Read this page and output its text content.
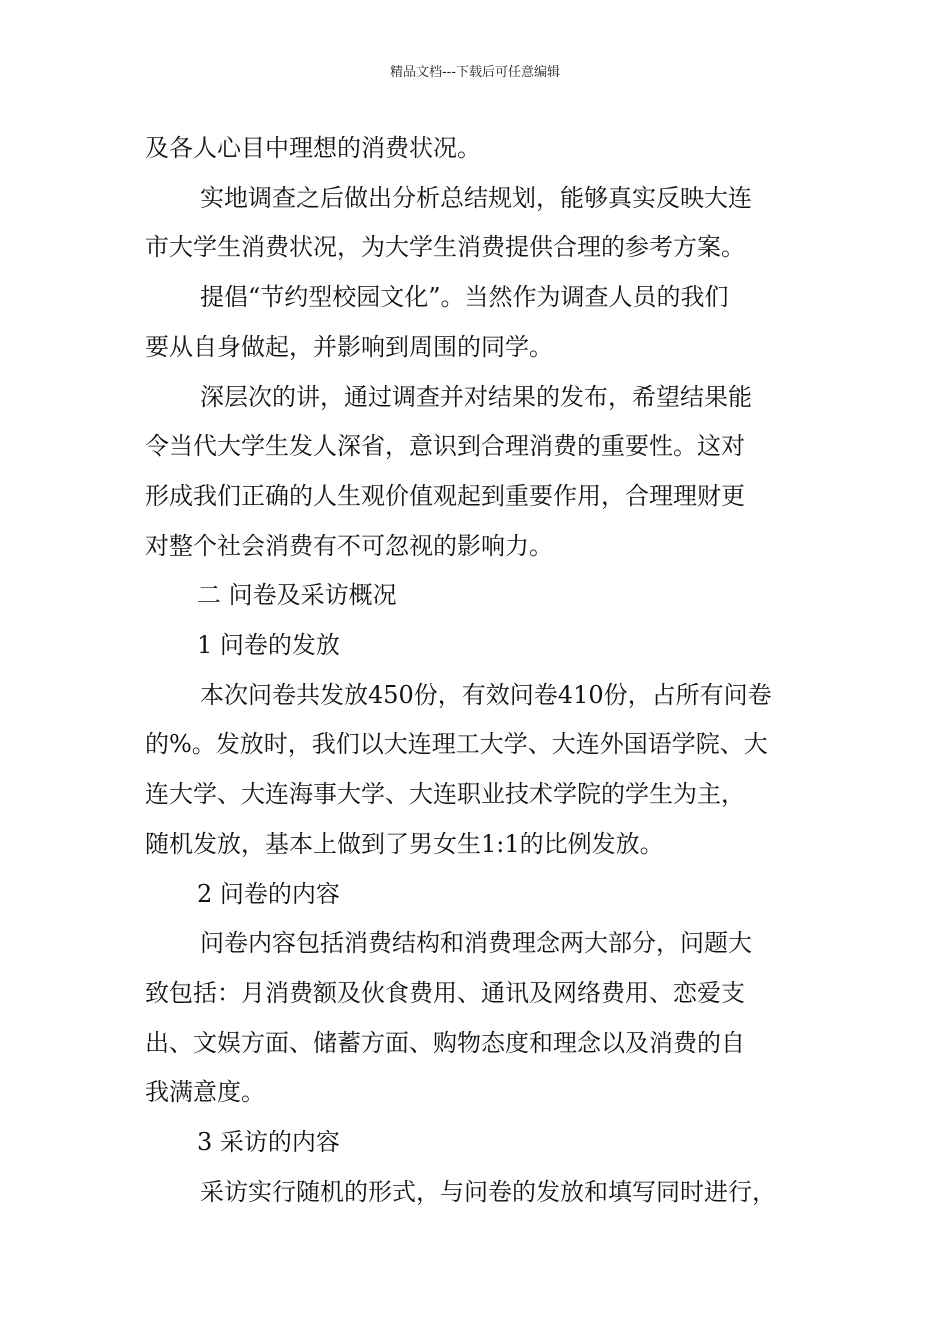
精品文档---下载后可任意编辑

及各人心目中理想的消费状况。

实地调查之后做出分析总结规划，能够真实反映大连

市大学生消费状况，为大学生消费提供合理的参考方案。

提倡“节约型校园文化”。当然作为调查人员的我们

要从自身做起，并影响到周围的同学。

深层次的讲，通过调查并对结果的发布，希望结果能

令当代大学生发人深省，意识到合理消费的重要性。这对

形成我们正确的人生观价值观起到重要作用，合理理财更

对整个社会消费有不可忽视的影响力。

二 问卷及采访概况

1 问卷的发放

本次问卷共发放450份，有效问卷410份，占所有问卷

的%。发放时，我们以大连理工大学、大连外国语学院、大

连大学、大连海事大学、大连职业技术学院的学生为主，

随机发放，基本上做到了男女生1:1的比例发放。

2 问卷的内容

问卷内容包括消费结构和消费理念两大部分，问题大

致包括：月消费额及伙食费用、通讯及网络费用、恋爱支

出、文娱方面、储蓄方面、购物态度和理念以及消费的自

我满意度。

3 采访的内容

采访实行随机的形式，与问卷的发放和填写同时进行，
